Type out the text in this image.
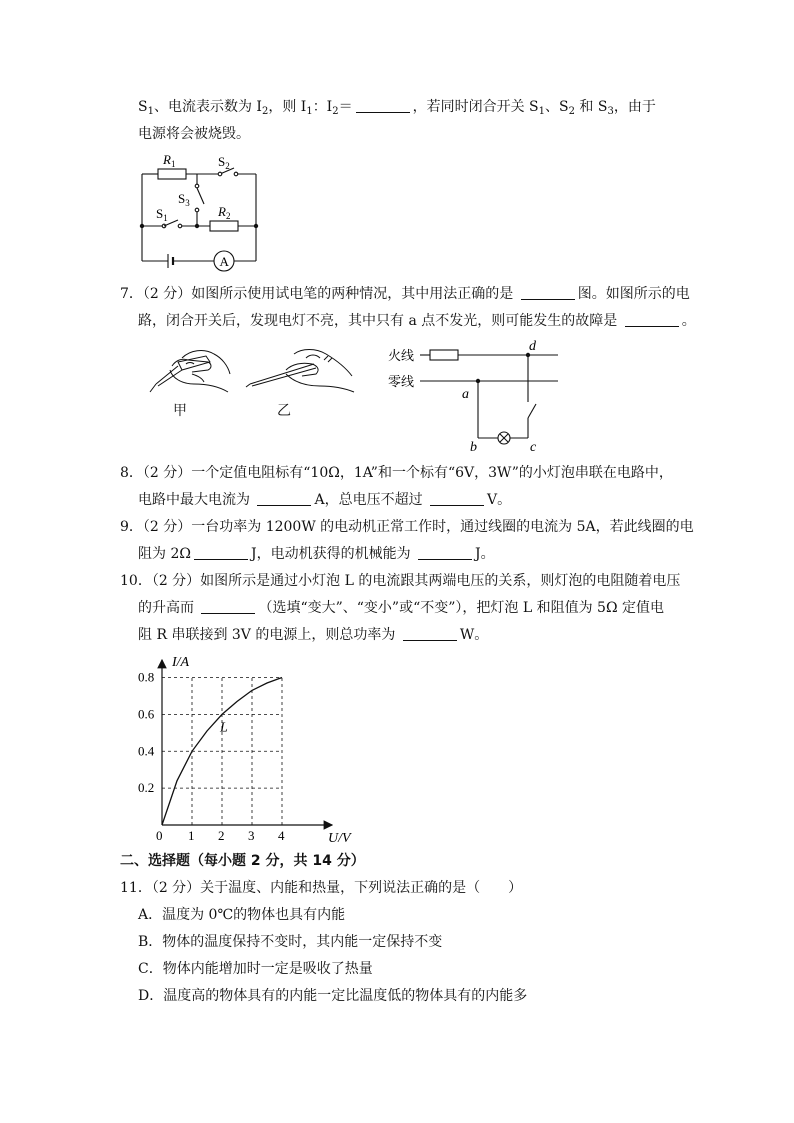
$S_1$、电流表示数为 $I_2$，则 $I_1$：$I_2=$	，若同时闭合开关 $S_1$、$S_2$ 和 $S_3$，由于
电源将会被烧毁。
$R_1$	$S_2$
$S_3$
$S_1$	$R_2$
A
7．（2 分）如图所示使用试电笔的两种情况，其中用法正确的是	图。如图所示的电
路，闭合开关后，发现电灯不亮，其中只有 a 点不发光，则可能发生的故障是	。
甲	乙
火线
零线
a
b	c
d
8．（2 分）一个定值电阻标有“10Ω，1A”和一个标有“6V，3W”的小灯泡串联在电路中，
电路中最大电流为	A，总电压不超过	V。
9．（2 分）一台功率为 1200W 的电动机正常工作时，通过线圈的电流为 5A，若此线圈的电
阻为 2Ω	J，电动机获得的机械能为	J。
10．（2 分）如图所示是通过小灯泡 L 的电流跟其两端电压的关系，则灯泡的电阻随着电压
的升高而	（选填“变大”、“变小”或“不变”），把灯泡 L 和阻值为 5Ω 定值电
阻 R 串联接到 3V 的电源上，则总功率为	W。
1 2 3 4
0.2
0.4
0.6
0.8
L
I/A
U/V
0
二、选择题（每小题 2 分，共 14 分）
11．（2 分）关于温度、内能和热量，下列说法正确的是（　　）
A．温度为 0℃的物体也具有内能
B．物体的温度保持不变时，其内能一定保持不变
C．物体内能增加时一定是吸收了热量
D．温度高的物体具有的内能一定比温度低的物体具有的内能多
